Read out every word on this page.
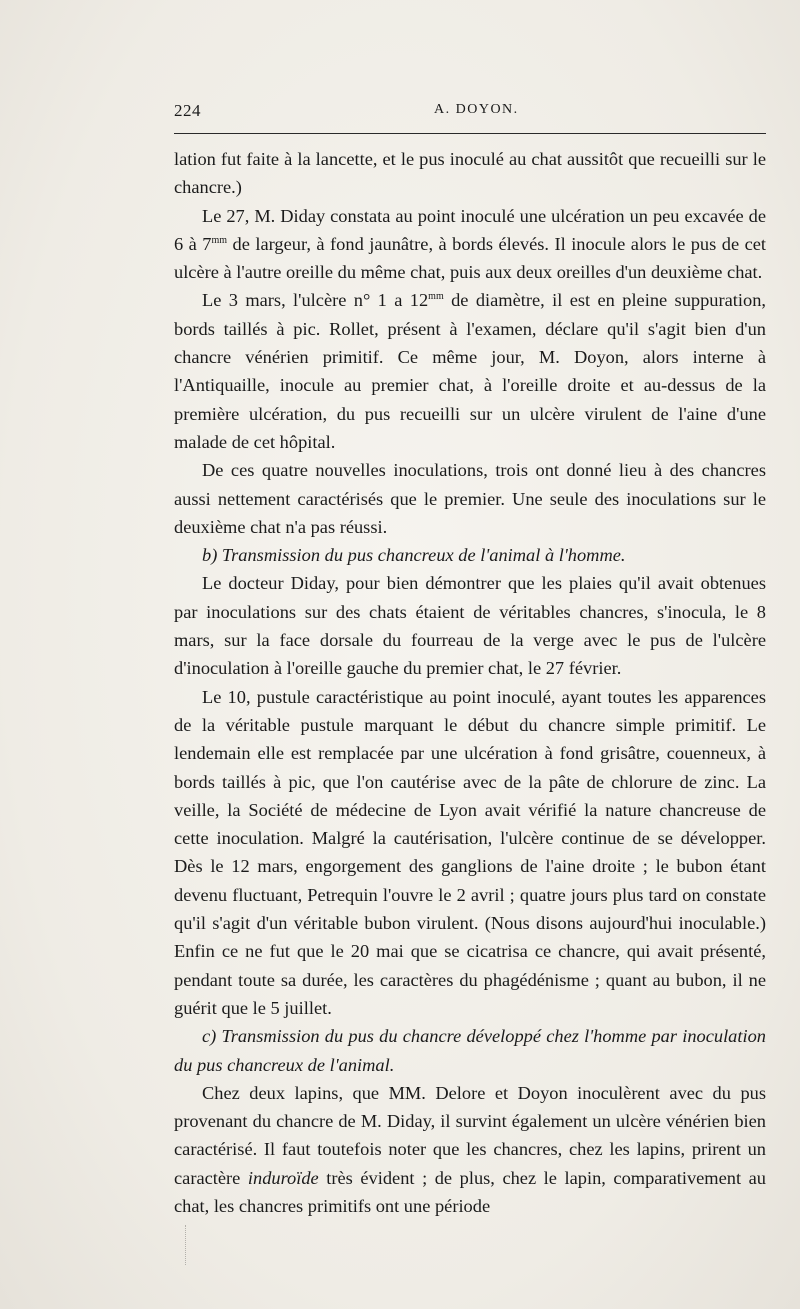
224	A. DOYON.

lation fut faite à la lancette, et le pus inoculé au chat aussitôt que recueilli sur le chancre.)

Le 27, M. Diday constata au point inoculé une ulcération un peu excavée de 6 à $7^{mm}$ de largeur, à fond jaunâtre, à bords élevés. Il inocule alors le pus de cet ulcère à l'autre oreille du même chat, puis aux deux oreilles d'un deuxième chat.

Le 3 mars, l'ulcère n° 1 a $12^{mm}$ de diamètre, il est en pleine suppuration, bords taillés à pic. Rollet, présent à l'examen, déclare qu'il s'agit bien d'un chancre vénérien primitif. Ce même jour, M. Doyon, alors interne à l'Antiquaille, inocule au premier chat, à l'oreille droite et au-dessus de la première ulcération, du pus recueilli sur un ulcère virulent de l'aine d'une malade de cet hôpital.

De ces quatre nouvelles inoculations, trois ont donné lieu à des chancres aussi nettement caractérisés que le premier. Une seule des inoculations sur le deuxième chat n'a pas réussi.

b) Transmission du pus chancreux de l'animal à l'homme.

Le docteur Diday, pour bien démontrer que les plaies qu'il avait obtenues par inoculations sur des chats étaient de véritables chancres, s'inocula, le 8 mars, sur la face dorsale du fourreau de la verge avec le pus de l'ulcère d'inoculation à l'oreille gauche du premier chat, le 27 février.

Le 10, pustule caractéristique au point inoculé, ayant toutes les apparences de la véritable pustule marquant le début du chancre simple primitif. Le lendemain elle est remplacée par une ulcération à fond grisâtre, couenneux, à bords taillés à pic, que l'on cautérise avec de la pâte de chlorure de zinc. La veille, la Société de médecine de Lyon avait vérifié la nature chancreuse de cette inoculation. Malgré la cautérisation, l'ulcère continue de se développer. Dès le 12 mars, engorgement des ganglions de l'aine droite ; le bubon étant devenu fluctuant, Petrequin l'ouvre le 2 avril ; quatre jours plus tard on constate qu'il s'agit d'un véritable bubon virulent. (Nous disons aujourd'hui inoculable.) Enfin ce ne fut que le 20 mai que se cicatrisa ce chancre, qui avait présenté, pendant toute sa durée, les caractères du phagédénisme ; quant au bubon, il ne guérit que le 5 juillet.

c) Transmission du pus du chancre développé chez l'homme par inoculation du pus chancreux de l'animal.

Chez deux lapins, que MM. Delore et Doyon inoculèrent avec du pus provenant du chancre de M. Diday, il survint également un ulcère vénérien bien caractérisé. Il faut toutefois noter que les chancres, chez les lapins, prirent un caractère induroïde très évident ; de plus, chez le lapin, comparativement au chat, les chancres primitifs ont une période
